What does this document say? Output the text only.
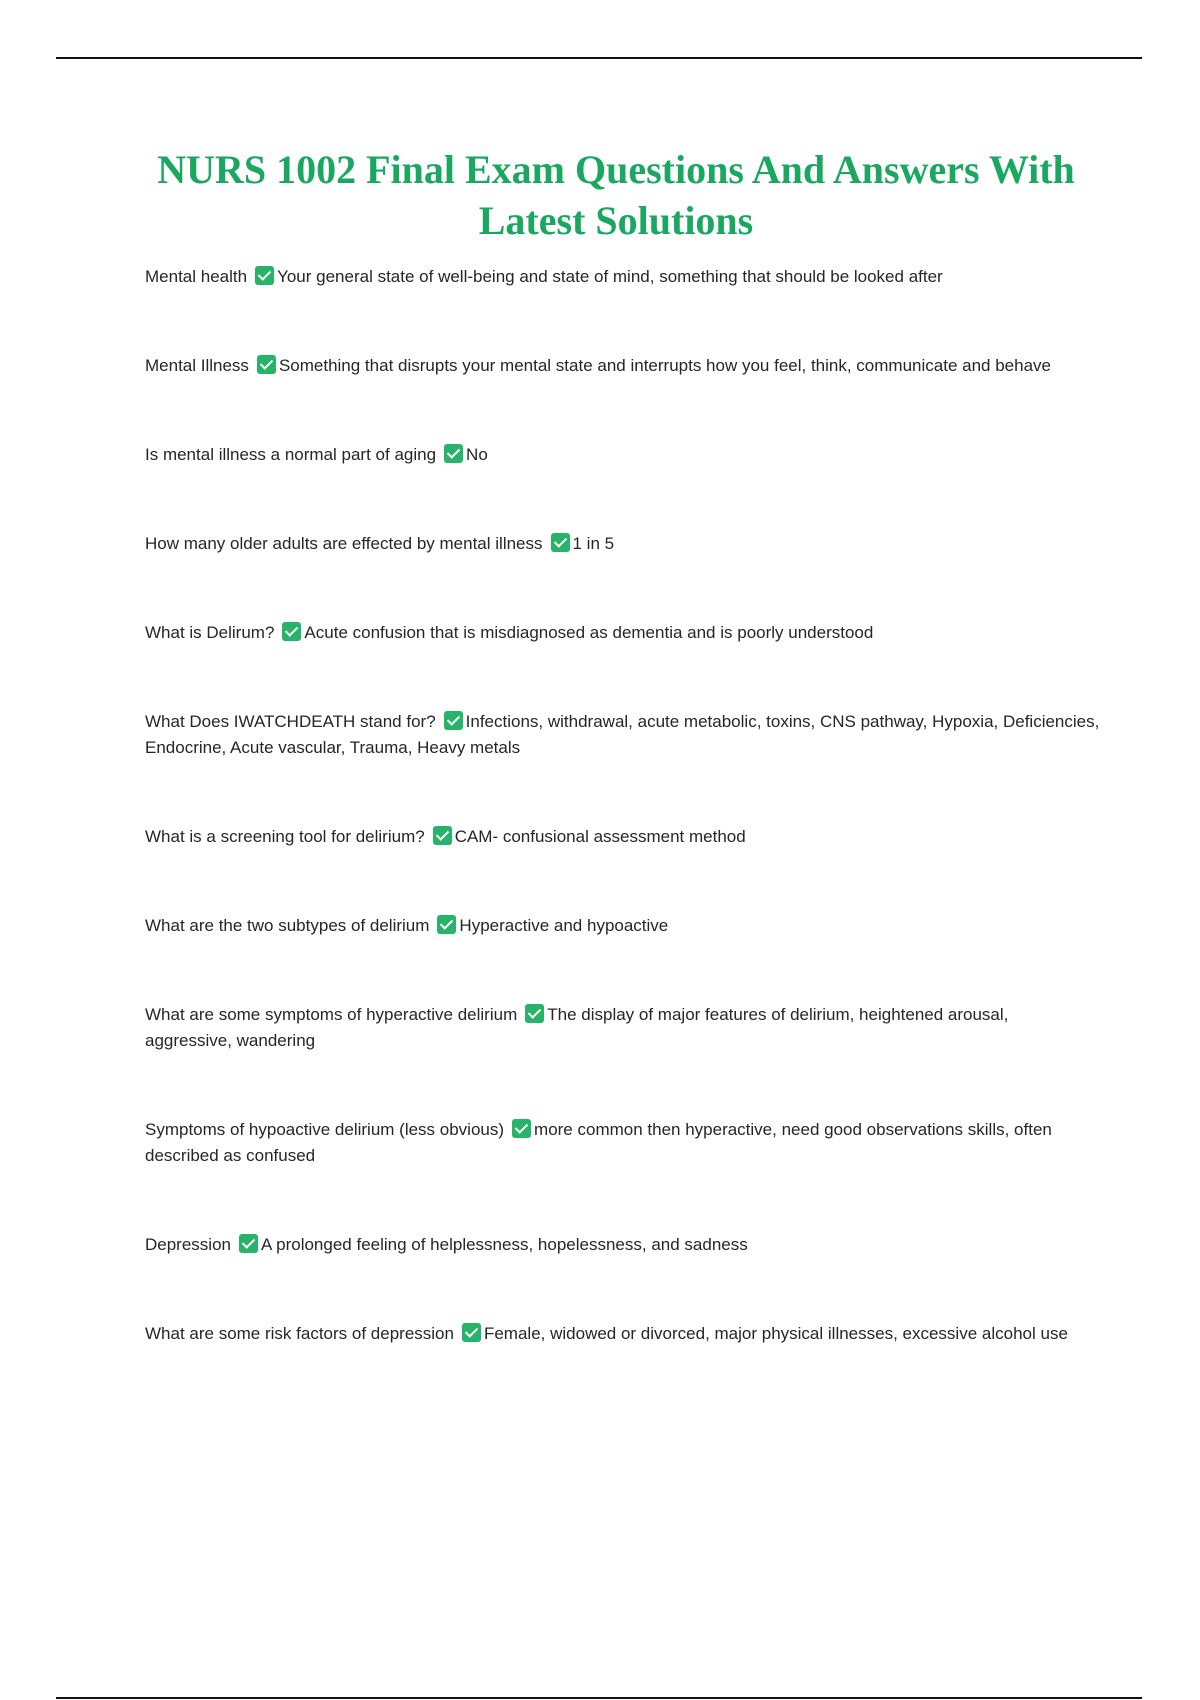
NURS 1002 Final Exam Questions And Answers With Latest Solutions
Mental health Your general state of well-being and state of mind, something that should be looked after
Mental Illness Something that disrupts your mental state and interrupts how you feel, think, communicate and behave
Is mental illness a normal part of aging No
How many older adults are effected by mental illness 1 in 5
What is Delirum? Acute confusion that is misdiagnosed as dementia and is poorly understood
What Does IWATCHDEATH stand for? Infections, withdrawal, acute metabolic, toxins, CNS pathway, Hypoxia, Deficiencies, Endocrine, Acute vascular, Trauma, Heavy metals
What is a screening tool for delirium? CAM- confusional assessment method
What are the two subtypes of delirium Hyperactive and hypoactive
What are some symptoms of hyperactive delirium The display of major features of delirium, heightened arousal, aggressive, wandering
Symptoms of hypoactive delirium (less obvious) more common then hyperactive, need good observations skills, often described as confused
Depression A prolonged feeling of helplessness, hopelessness, and sadness
What are some risk factors of depression Female, widowed or divorced, major physical illnesses, excessive alcohol use
